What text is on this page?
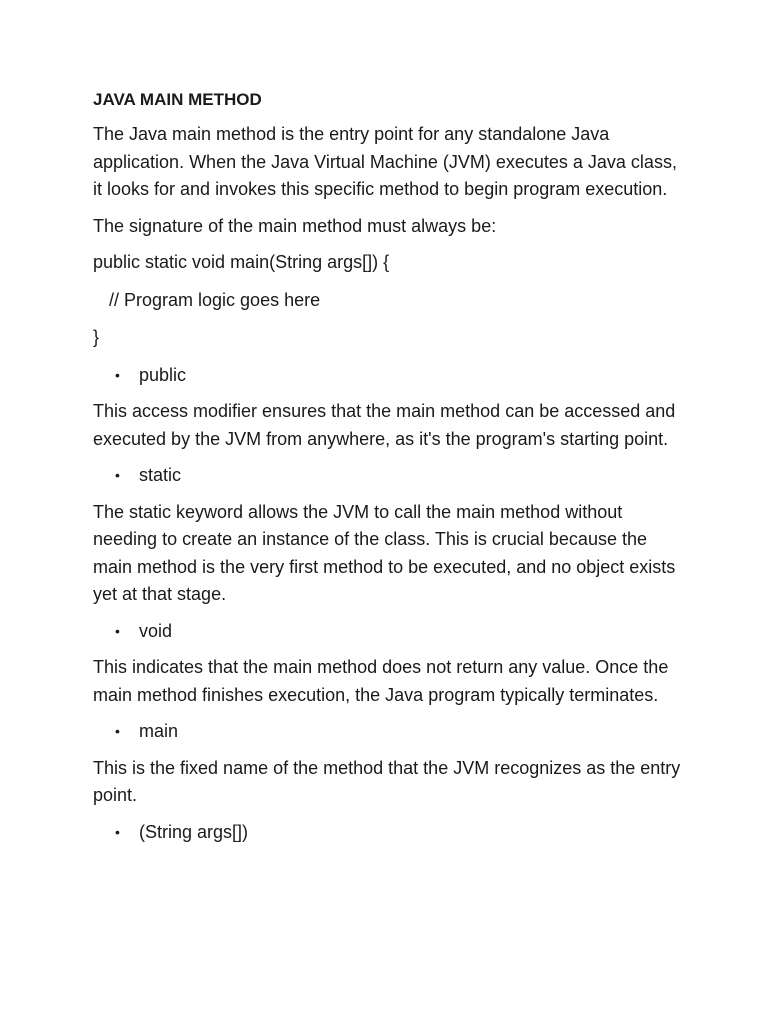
JAVA MAIN METHOD

The Java main method is the entry point for any standalone Java application. When the Java Virtual Machine (JVM) executes a Java class, it looks for and invokes this specific method to begin program execution.

The signature of the main method must always be:

public static void main(String args[]) {
// Program logic goes here
}
• public

This access modifier ensures that the main method can be accessed and executed by the JVM from anywhere, as it's the program's starting point.

• static

The static keyword allows the JVM to call the main method without needing to create an instance of the class. This is crucial because the main method is the very first method to be executed, and no object exists yet at that stage.

• void

This indicates that the main method does not return any value. Once the main method finishes execution, the Java program typically terminates.

• main

This is the fixed name of the method that the JVM recognizes as the entry point.

• (String args[])
